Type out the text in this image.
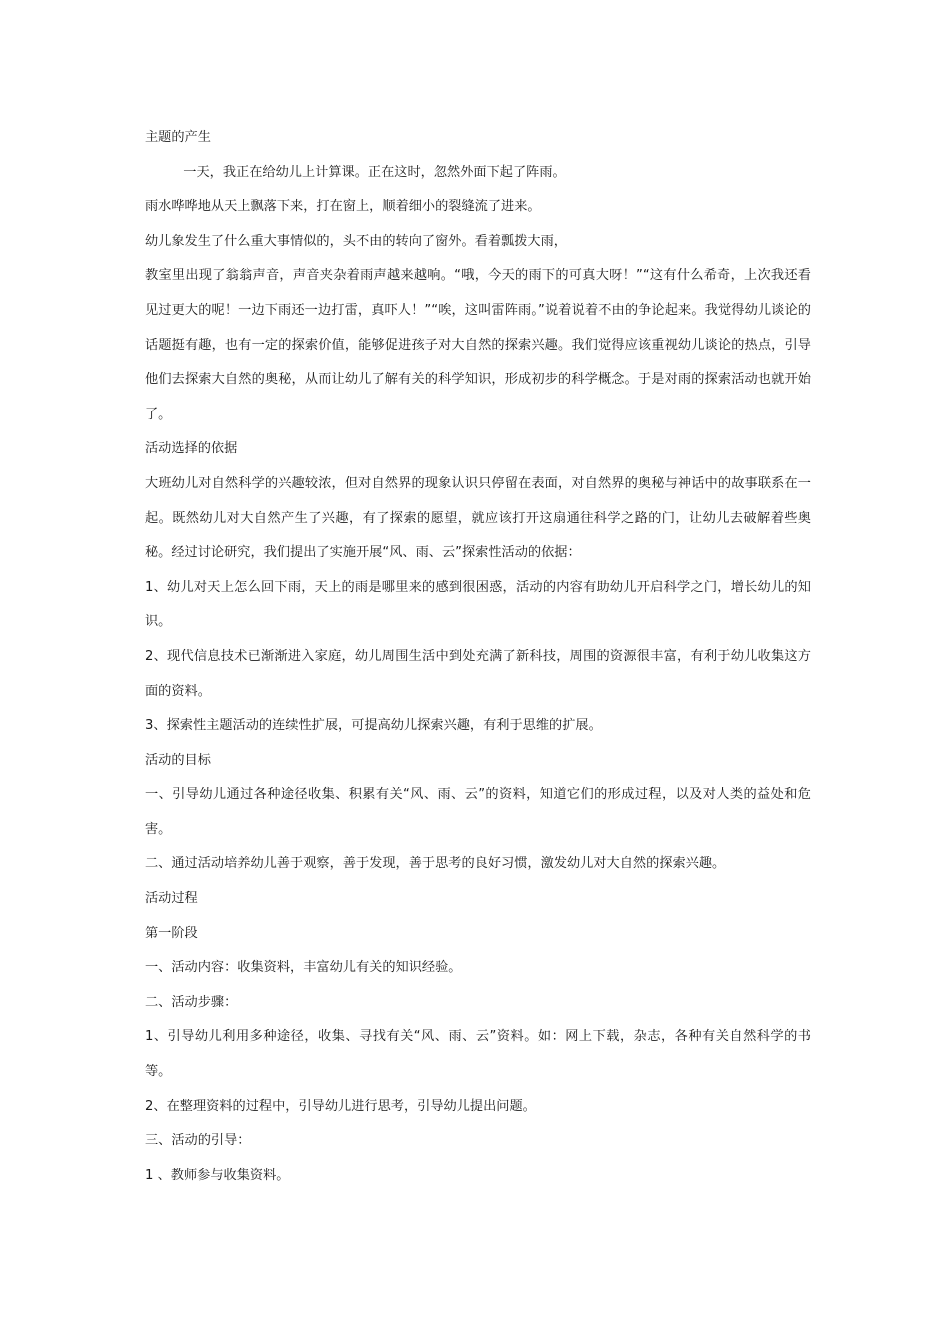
主题的产生

一天，我正在给幼儿上计算课。正在这时，忽然外面下起了阵雨。

雨水哗哗地从天上飘落下来，打在窗上，顺着细小的裂缝流了进来。

幼儿象发生了什么重大事情似的，头不由的转向了窗外。看着瓢拨大雨，

教室里出现了翁翁声音，声音夹杂着雨声越来越响。“哦，今天的雨下的可真大呀！”“这有什么希奇，上次我还看见过更大的呢！一边下雨还一边打雷，真吓人！”“唉，这叫雷阵雨。”说着说着不由的争论起来。我觉得幼儿谈论的话题挺有趣，也有一定的探索价值，能够促进孩子对大自然的探索兴趣。我们觉得应该重视幼儿谈论的热点，引导他们去探索大自然的奥秘，从而让幼儿了解有关的科学知识，形成初步的科学概念。于是对雨的探索活动也就开始了。

活动选择的依据

大班幼儿对自然科学的兴趣较浓，但对自然界的现象认识只停留在表面，对自然界的奥秘与神话中的故事联系在一起。既然幼儿对大自然产生了兴趣，有了探索的愿望，就应该打开这扇通往科学之路的门，让幼儿去破解着些奥秘。经过讨论研究，我们提出了实施开展“风、雨、云”探索性活动的依据：

1、幼儿对天上怎么回下雨，天上的雨是哪里来的感到很困惑，活动的内容有助幼儿开启科学之门，增长幼儿的知识。

2、现代信息技术已渐渐进入家庭，幼儿周围生活中到处充满了新科技，周围的资源很丰富，有利于幼儿收集这方面的资料。

3、探索性主题活动的连续性扩展，可提高幼儿探索兴趣，有利于思维的扩展。

活动的目标

一、引导幼儿通过各种途径收集、积累有关“风、雨、云”的资料，知道它们的形成过程，以及对人类的益处和危害。

二、通过活动培养幼儿善于观察，善于发现，善于思考的良好习惯，激发幼儿对大自然的探索兴趣。

活动过程

第一阶段

一、活动内容：收集资料，丰富幼儿有关的知识经验。

二、活动步骤：

1、引导幼儿利用多种途径，收集、寻找有关“风、雨、云”资料。如：网上下载，杂志，各种有关自然科学的书等。

2、在整理资料的过程中，引导幼儿进行思考，引导幼儿提出问题。

三、活动的引导：

1 、教师参与收集资料。
